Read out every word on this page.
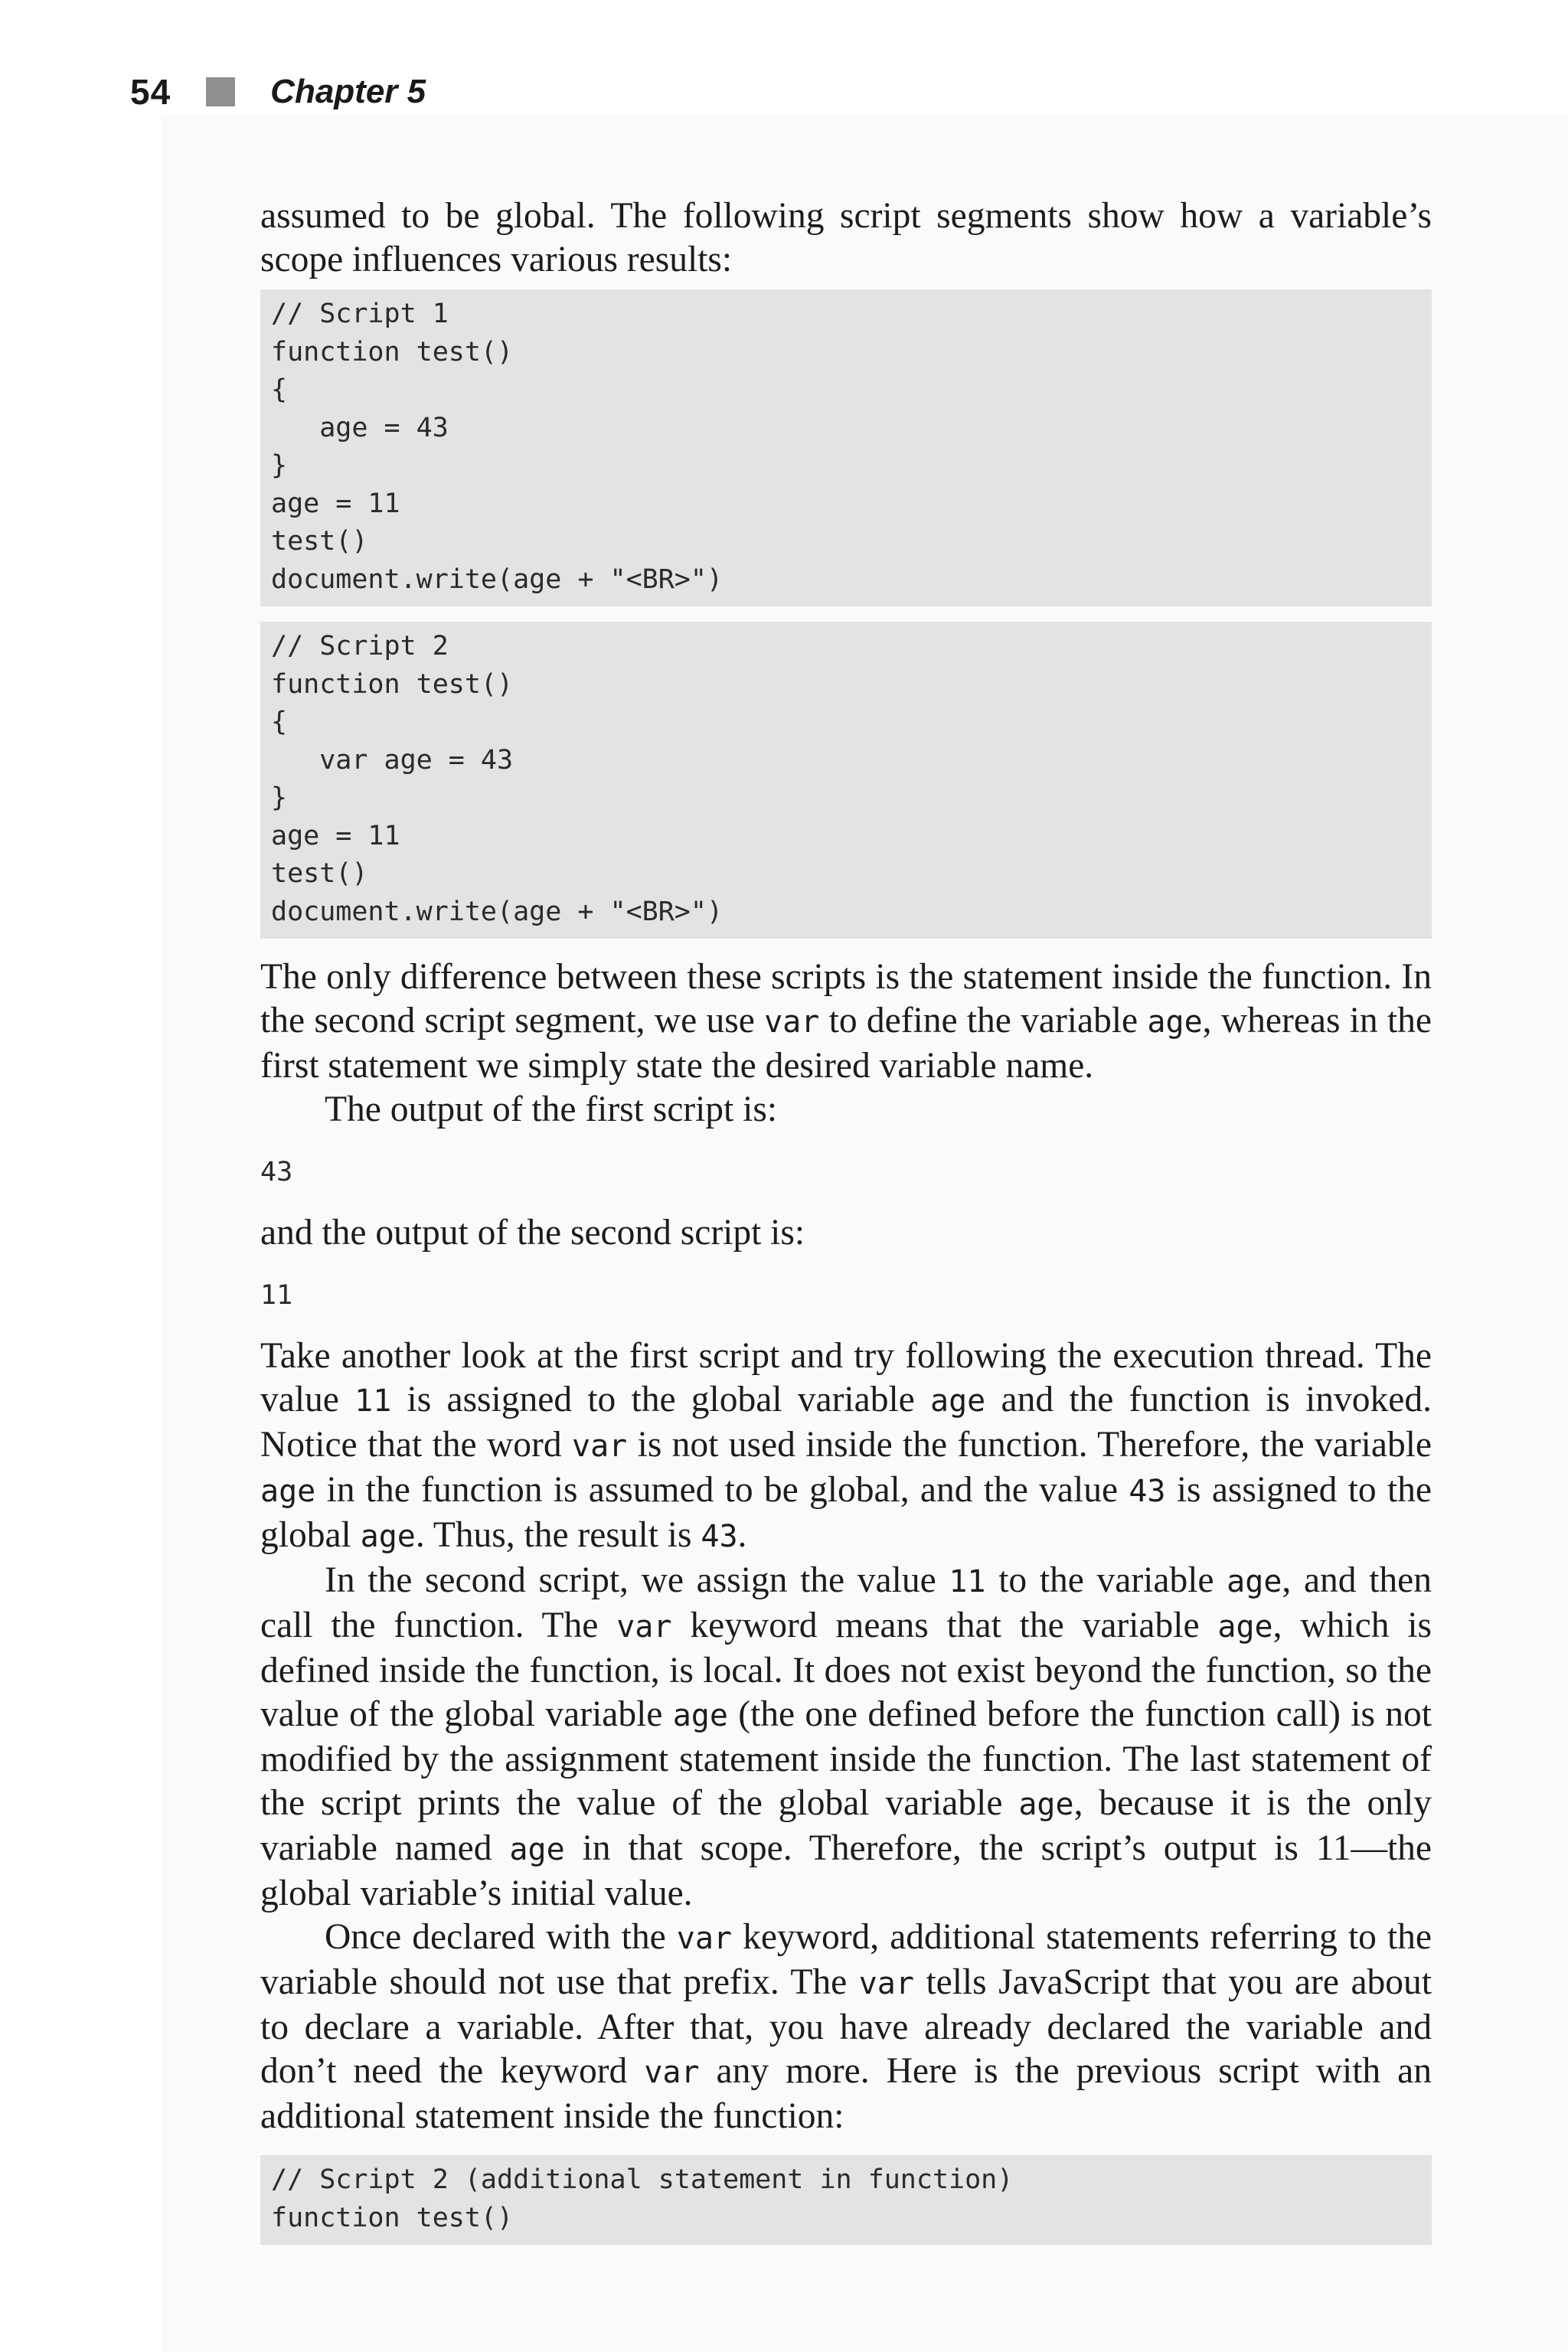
54	Chapter 5

assumed to be global. The following script segments show how a variable’s scope influences various results:

// Script 1
function test()
{
age = 43
}
age = 11
test()
document.write(age + "<BR>")
// Script 2
function test()
{
var age = 43
}
age = 11
test()
document.write(age + "<BR>")

The only difference between these scripts is the statement inside the function. In the second script segment, we use var to define the variable age, whereas in the first statement we simply state the desired variable name.

The output of the first script is:

43

and the output of the second script is:

11

Take another look at the first script and try following the execution thread. The value 11 is assigned to the global variable age and the function is invoked. Notice that the word var is not used inside the function. Therefore, the variable age in the function is assumed to be global, and the value 43 is assigned to the global age. Thus, the result is 43.

In the second script, we assign the value 11 to the variable age, and then call the function. The var keyword means that the variable age, which is defined inside the function, is local. It does not exist beyond the function, so the value of the global variable age (the one defined before the function call) is not modified by the assignment statement inside the function. The last statement of the script prints the value of the global variable age, because it is the only variable named age in that scope. Therefore, the script’s output is 11—the global variable’s initial value.

Once declared with the var keyword, additional statements referring to the variable should not use that prefix. The var tells JavaScript that you are about to declare a variable. After that, you have already declared the variable and don’t need the keyword var any more. Here is the previous script with an additional statement inside the function:

// Script 2 (additional statement in function)
function test()
